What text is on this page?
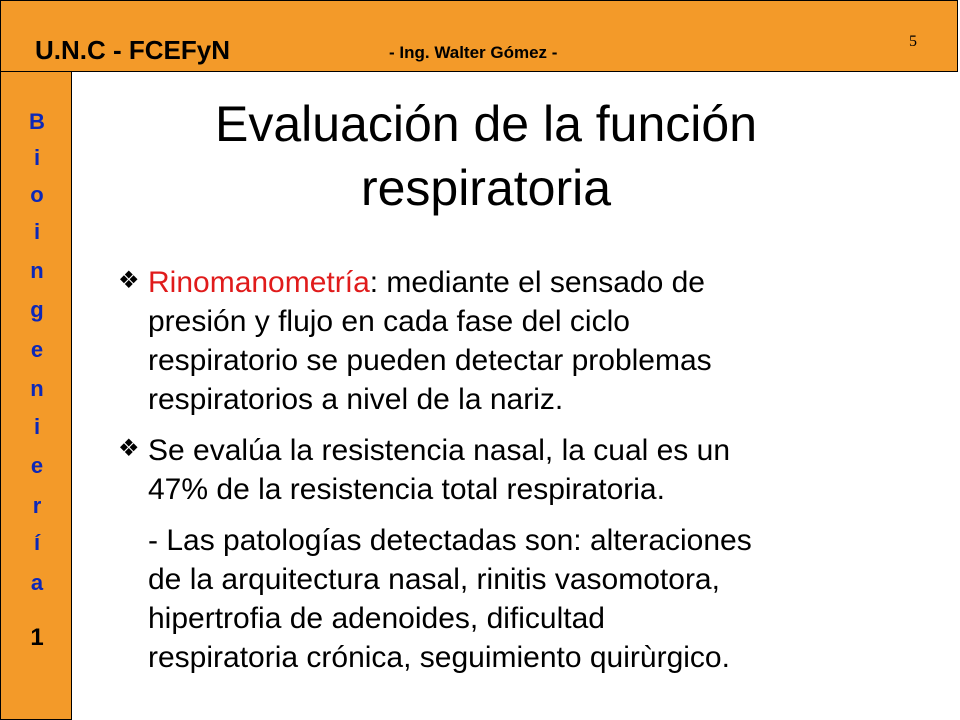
U.N.C - FCEFyN	- Ing. Walter Gómez -
5
B
i
o
i
n
g
e
n
i
e
r
í
a
1
Evaluación de la función
respiratoria
❖ Rinomanometría: mediante el sensado de
presión y flujo en cada fase del ciclo
respiratorio se pueden detectar problemas
respiratorios a nivel de la nariz.
❖ Se evalúa la resistencia nasal, la cual es un
47% de la resistencia total respiratoria.
- Las patologías detectadas son: alteraciones
de la arquitectura nasal, rinitis vasomotora,
hipertrofia de adenoides, dificultad
respiratoria crónica, seguimiento quirùrgico.
